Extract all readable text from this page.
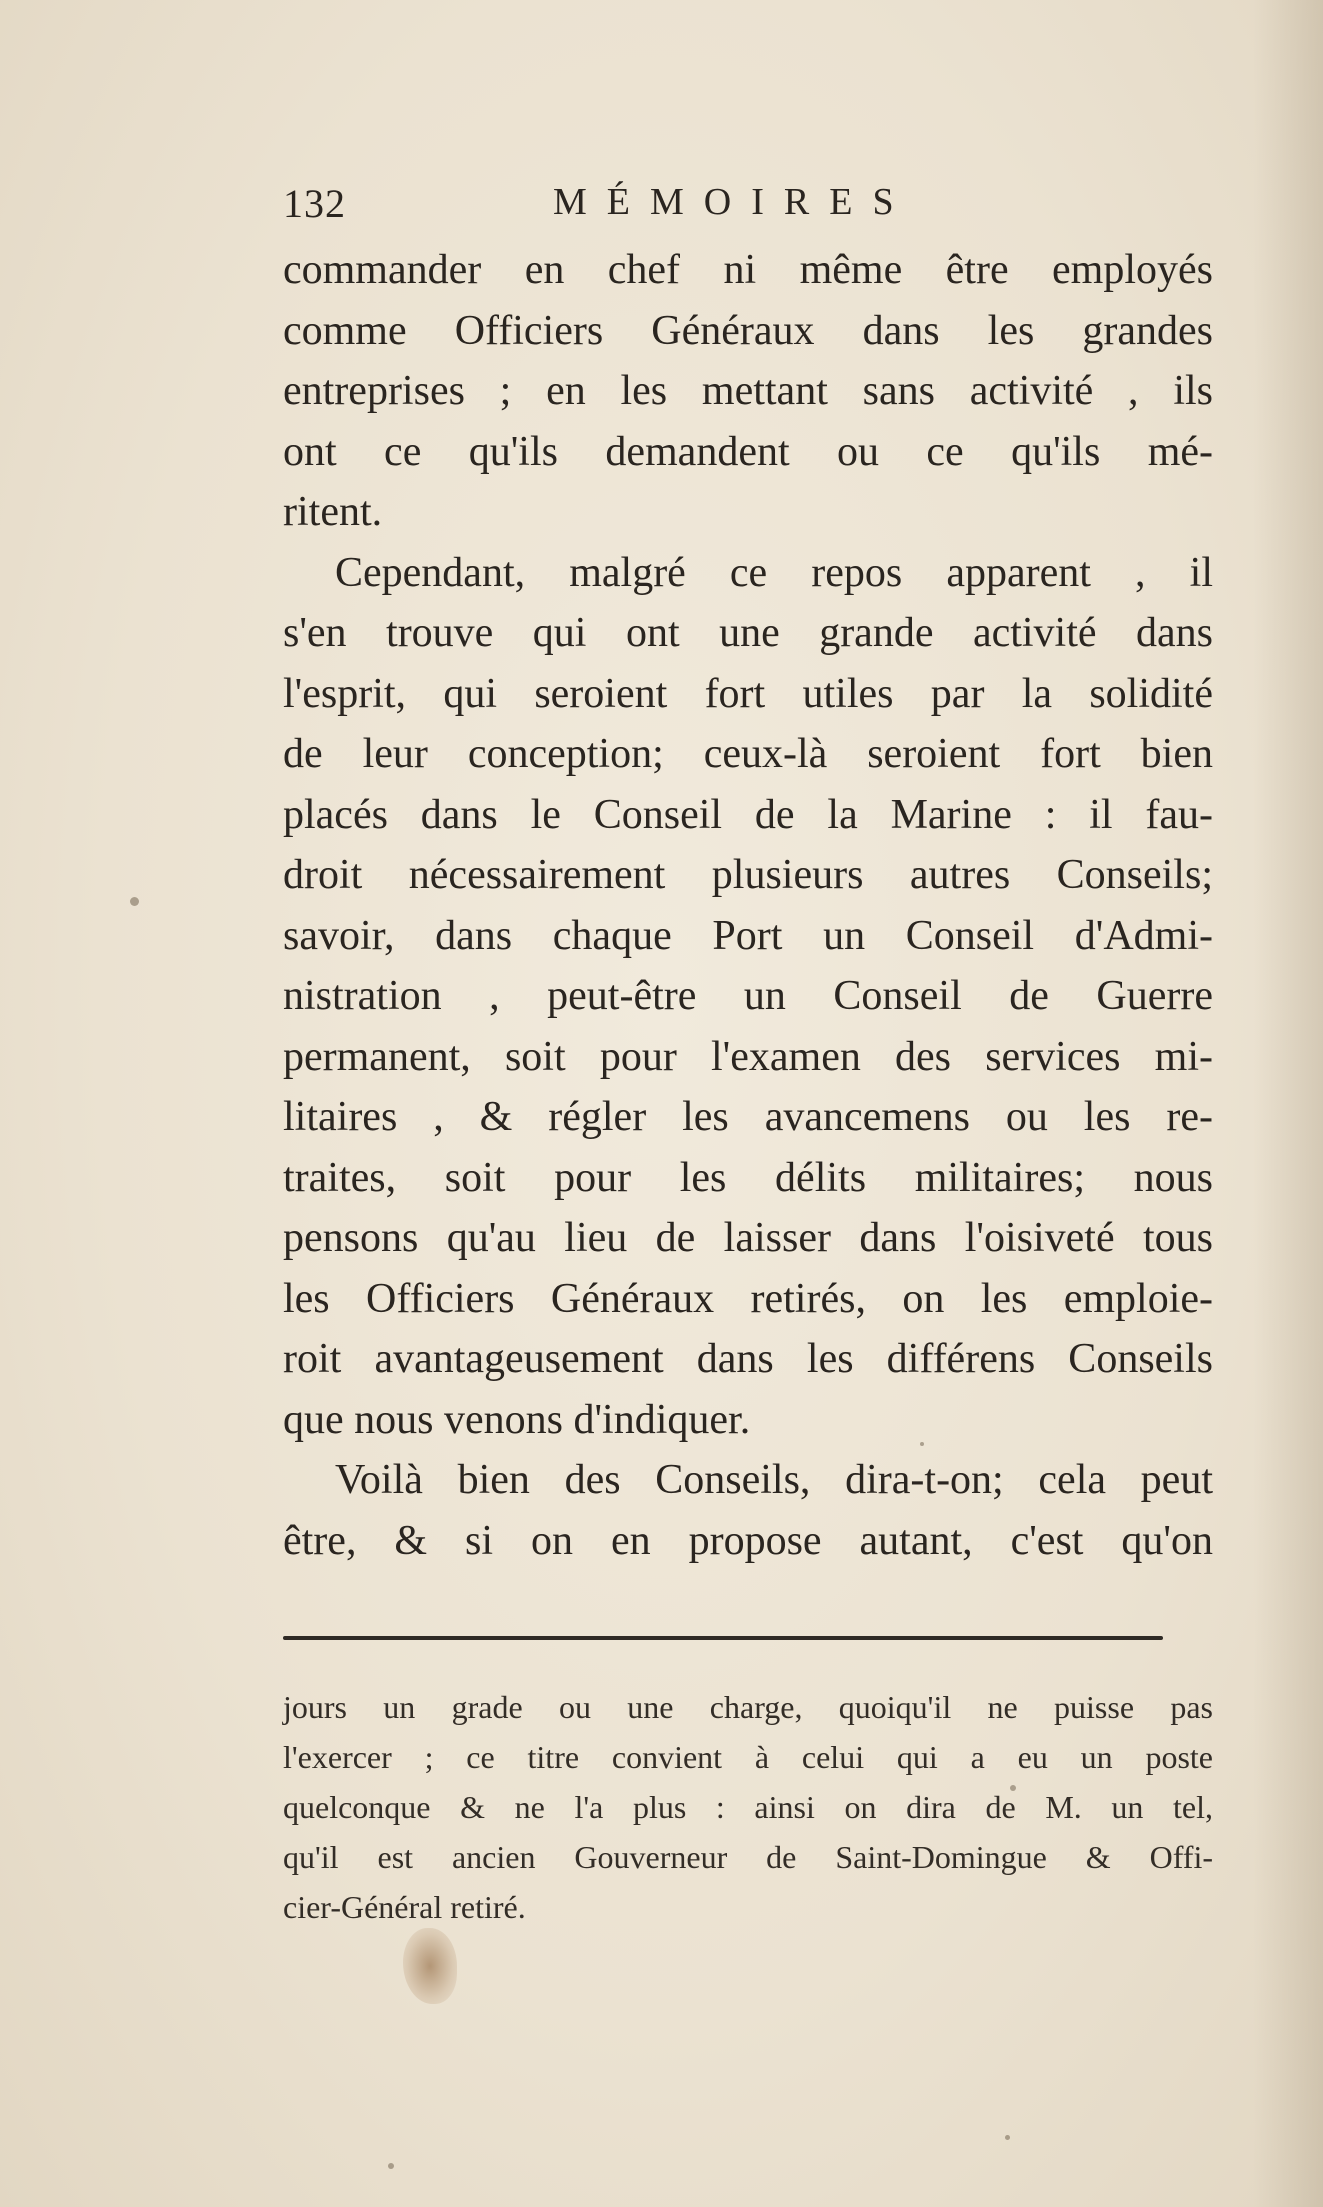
132	MÉMOIRES
commander en chef ni même être employés
comme Officiers Généraux dans les grandes
entreprises ; en les mettant sans activité , ils
ont ce qu'ils demandent ou ce qu'ils mé-
ritent.
Cependant, malgré ce repos apparent , il
s'en trouve qui ont une grande activité dans
l'esprit, qui seroient fort utiles par la solidité
de leur conception; ceux-là seroient fort bien
placés dans le Conseil de la Marine : il fau-
droit nécessairement plusieurs autres Conseils;
savoir, dans chaque Port un Conseil d'Admi-
nistration , peut-être un Conseil de Guerre
permanent, soit pour l'examen des services mi-
litaires , & régler les avancemens ou les re-
traites, soit pour les délits militaires; nous
pensons qu'au lieu de laisser dans l'oisiveté tous
les Officiers Généraux retirés, on les emploie-
roit avantageusement dans les différens Conseils
que nous venons d'indiquer.
Voilà bien des Conseils, dira-t-on; cela peut
être, & si on en propose autant, c'est qu'on
jours un grade ou une charge, quoiqu'il ne puisse pas
l'exercer ; ce titre convient à celui qui a eu un poste
quelconque & ne l'a plus : ainsi on dira de M. un tel,
qu'il est ancien Gouverneur de Saint-Domingue & Offi-
cier-Général retiré.
